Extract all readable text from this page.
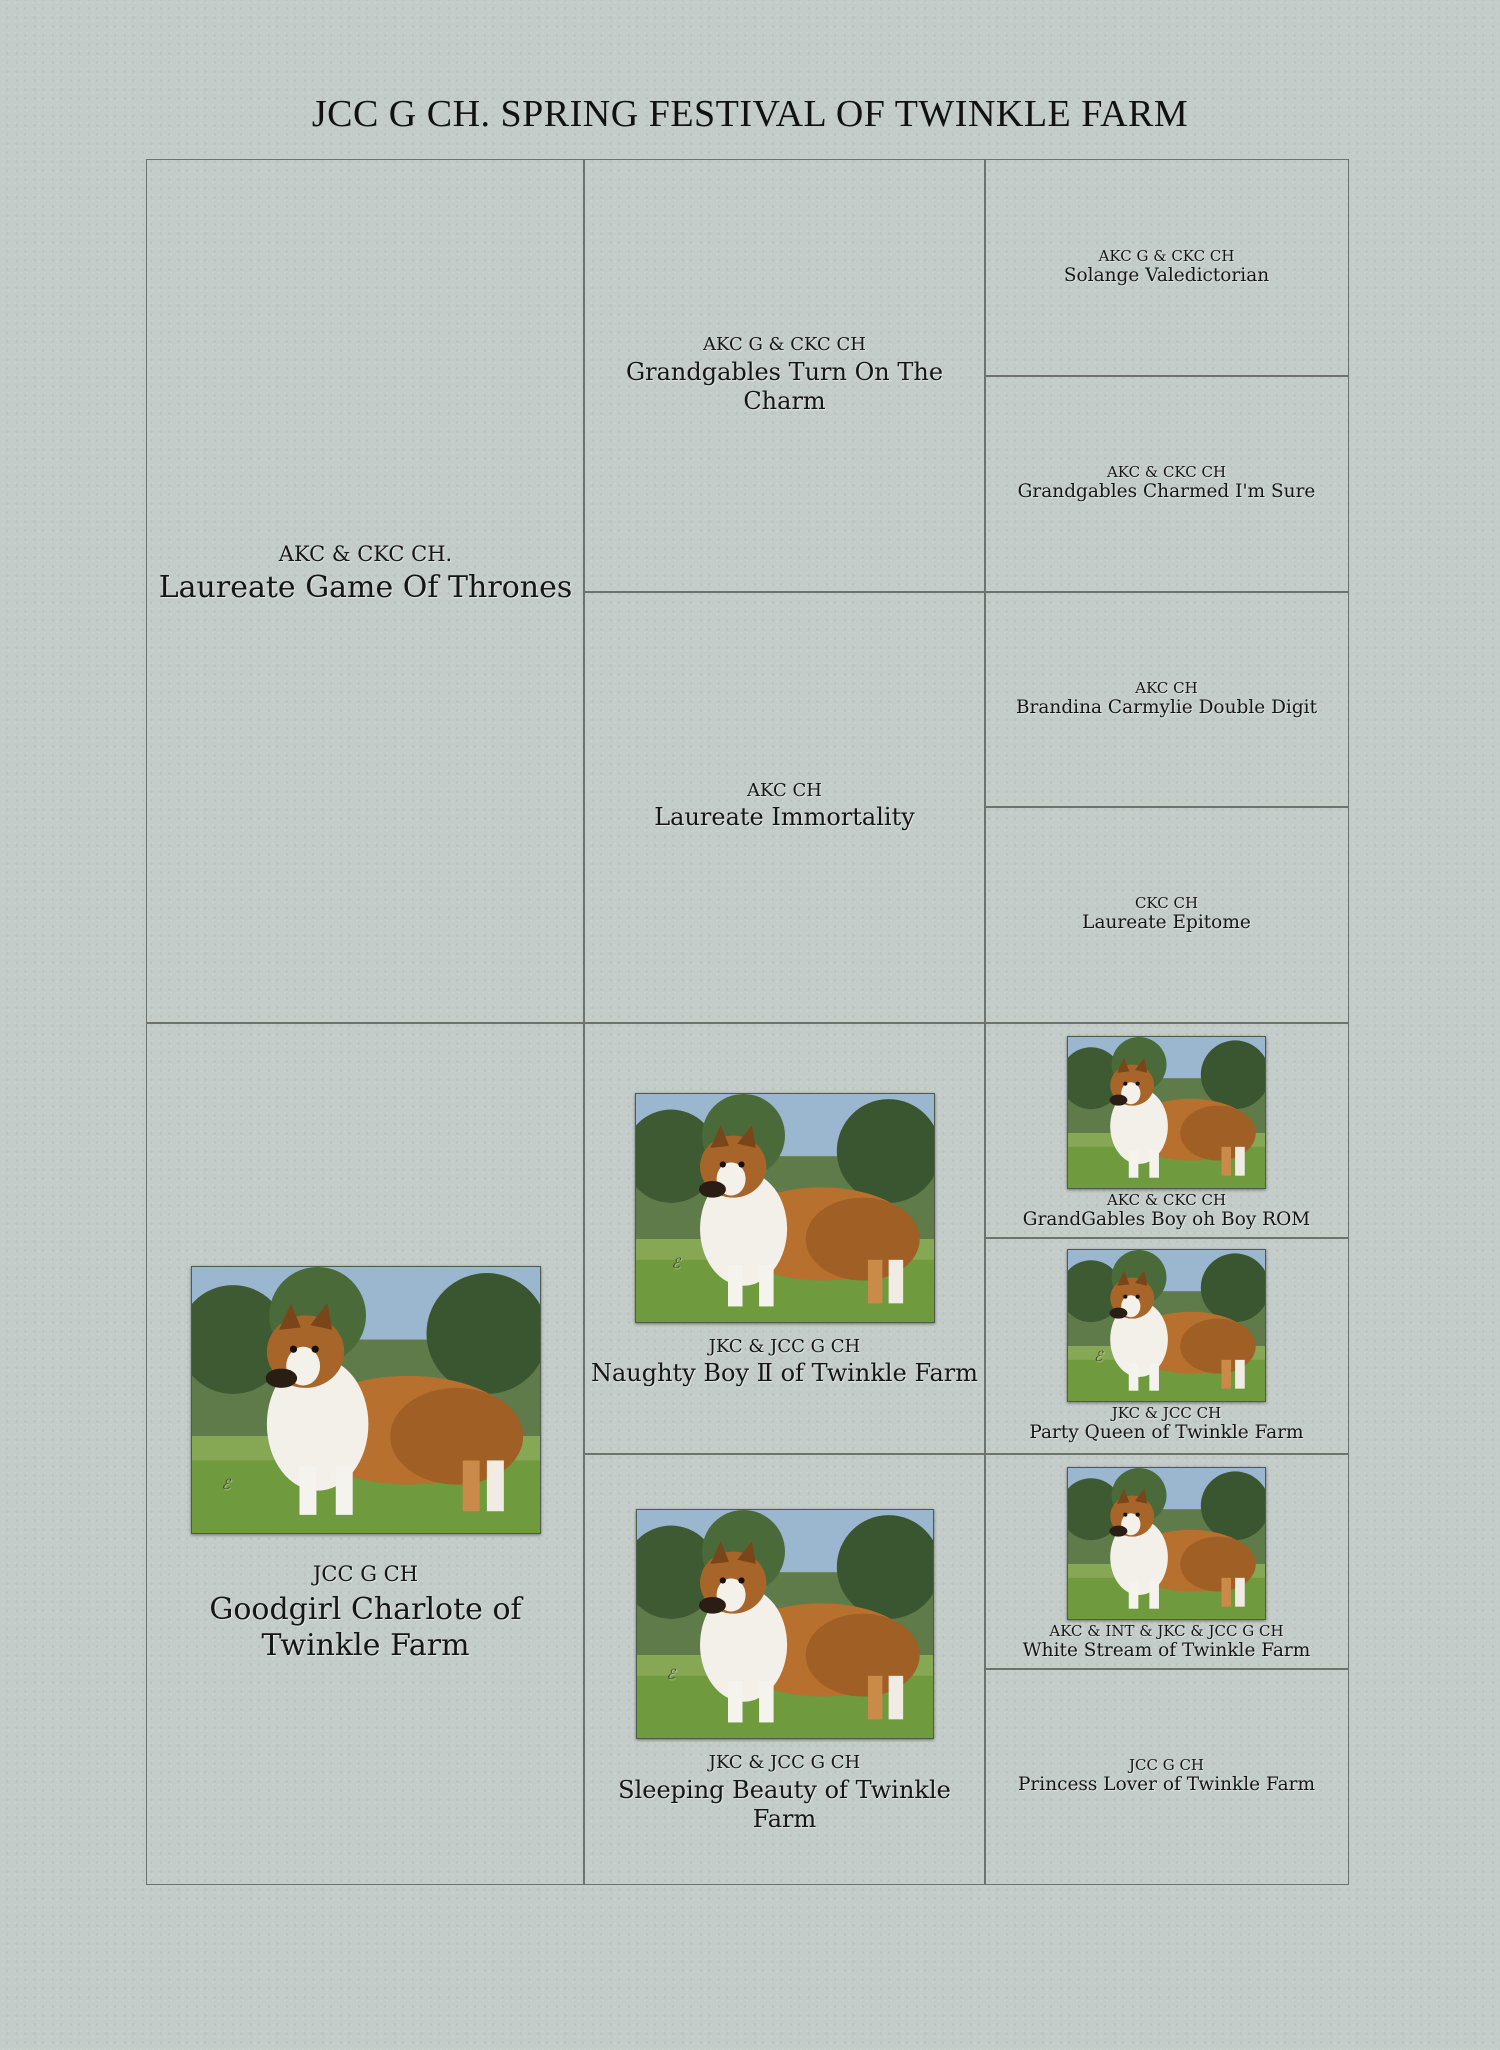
JCC G CH. SPRING FESTIVAL OF TWINKLE FARM
AKC & CKC CH.
Laureate Game Of Thrones
ℰ
JCC G CH
Goodgirl Charlote of Twinkle Farm
AKC G & CKC CH
Grandgables Turn On The Charm
AKC CH
Laureate Immortality
ℰ
JKC & JCC G CH
Naughty Boy Ⅱ of Twinkle Farm
ℰ
JKC & JCC G CH
Sleeping Beauty of Twinkle Farm
AKC G & CKC CH
Solange Valedictorian
AKC & CKC CH
Grandgables Charmed I'm Sure
AKC CH
Brandina Carmylie Double Digit
CKC CH
Laureate Epitome
AKC & CKC CH
GrandGables Boy oh Boy ROM
ℰ
JKC & JCC CH
Party Queen of Twinkle Farm
AKC & INT & JKC & JCC G CH
White Stream of Twinkle Farm
JCC G CH
Princess Lover of Twinkle Farm
